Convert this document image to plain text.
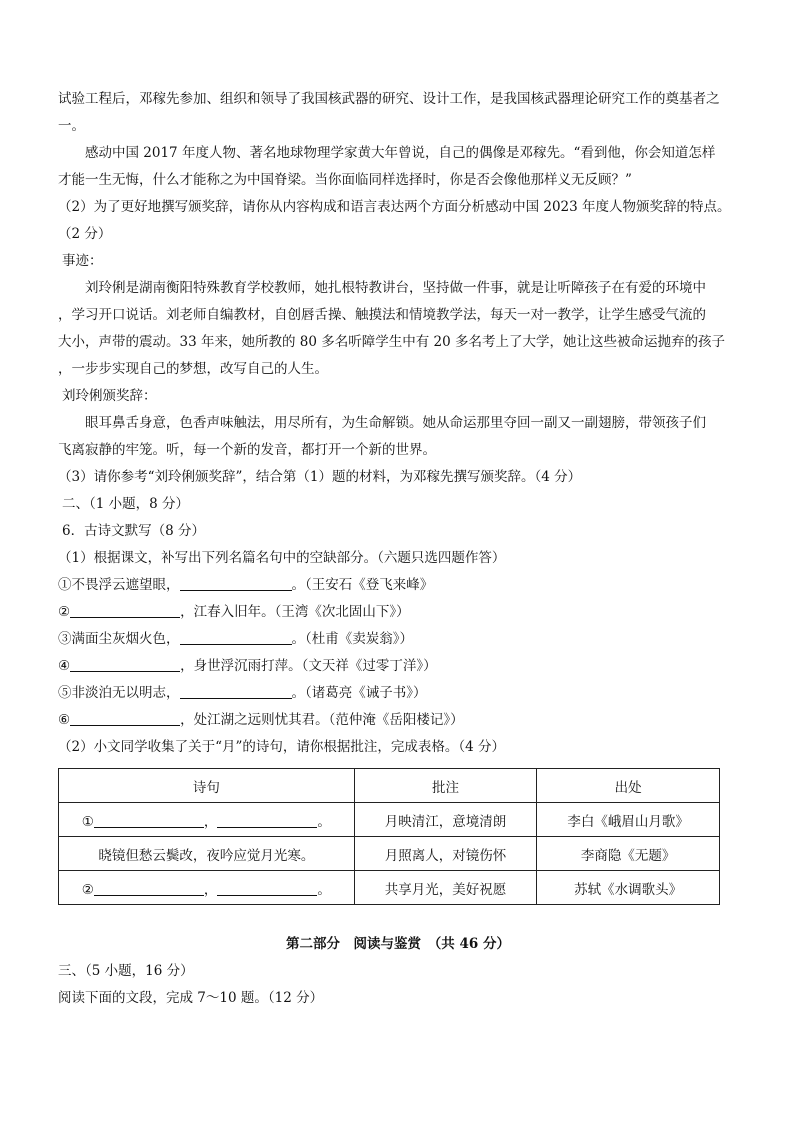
试验工程后，邓稼先参加、组织和领导了我国核武器的研究、设计工作，是我国核武器理论研究工作的奠基者之
一。
感动中国 2017 年度人物、著名地球物理学家黄大年曾说，自己的偶像是邓稼先。“看到他，你会知道怎样
才能一生无悔，什么才能称之为中国脊梁。当你面临同样选择时，你是否会像他那样义无反顾？”
（2）为了更好地撰写颁奖辞，请你从内容构成和语言表达两个方面分析感动中国 2023 年度人物颁奖辞的特点。
（2 分）
事迹：
刘玲俐是湖南衡阳特殊教育学校教师，她扎根特教讲台，坚持做一件事，就是让听障孩子在有爱的环境中
，学习开口说话。刘老师自编教材，自创唇舌操、触摸法和情境教学法，每天一对一教学，让学生感受气流的
大小，声带的震动。33 年来，她所教的 80 多名听障学生中有 20 多名考上了大学，她让这些被命运抛弃的孩子
，一步步实现自己的梦想，改写自己的人生。
刘玲俐颁奖辞：
眼耳鼻舌身意，色香声味触法，用尽所有，为生命解锁。她从命运那里夺回一副又一副翅膀，带领孩子们
飞离寂静的牢笼。听，每一个新的发音，都打开一个新的世界。
（3）请你参考“刘玲俐颁奖辞”，结合第（1）题的材料，为邓稼先撰写颁奖辞。（4 分）
二、（1 小题，8 分）
6．古诗文默写（8 分）
（1）根据课文，补写出下列名篇名句中的空缺部分。（六题只选四题作答）
①不畏浮云遮望眼，	。（王安石《登飞来峰》
②	，江春入旧年。（王湾《次北固山下》）
③满面尘灰烟火色，	。（杜甫《卖炭翁》）
④	，身世浮沉雨打萍。（文天祥《过零丁洋》）
⑤非淡泊无以明志，	。（诸葛亮《诫子书》）
⑥	，处江湖之远则忧其君。（范仲淹《岳阳楼记》）
（2）小文同学收集了关于“月”的诗句，请你根据批注，完成表格。（4 分）
诗句	批注	出处
① ， 。	月映清江，意境清朗	李白《峨眉山月歌》
晓镜但愁云鬓改，夜吟应觉月光寒。	月照离人，对镜伤怀	李商隐《无题》
② ， 。	共享月光，美好祝愿	苏轼《水调歌头》
第二部分　阅读与鉴赏　（共 46 分）
三、（5 小题，16 分）
阅读下面的文段，完成 7～10 题。（12 分）
